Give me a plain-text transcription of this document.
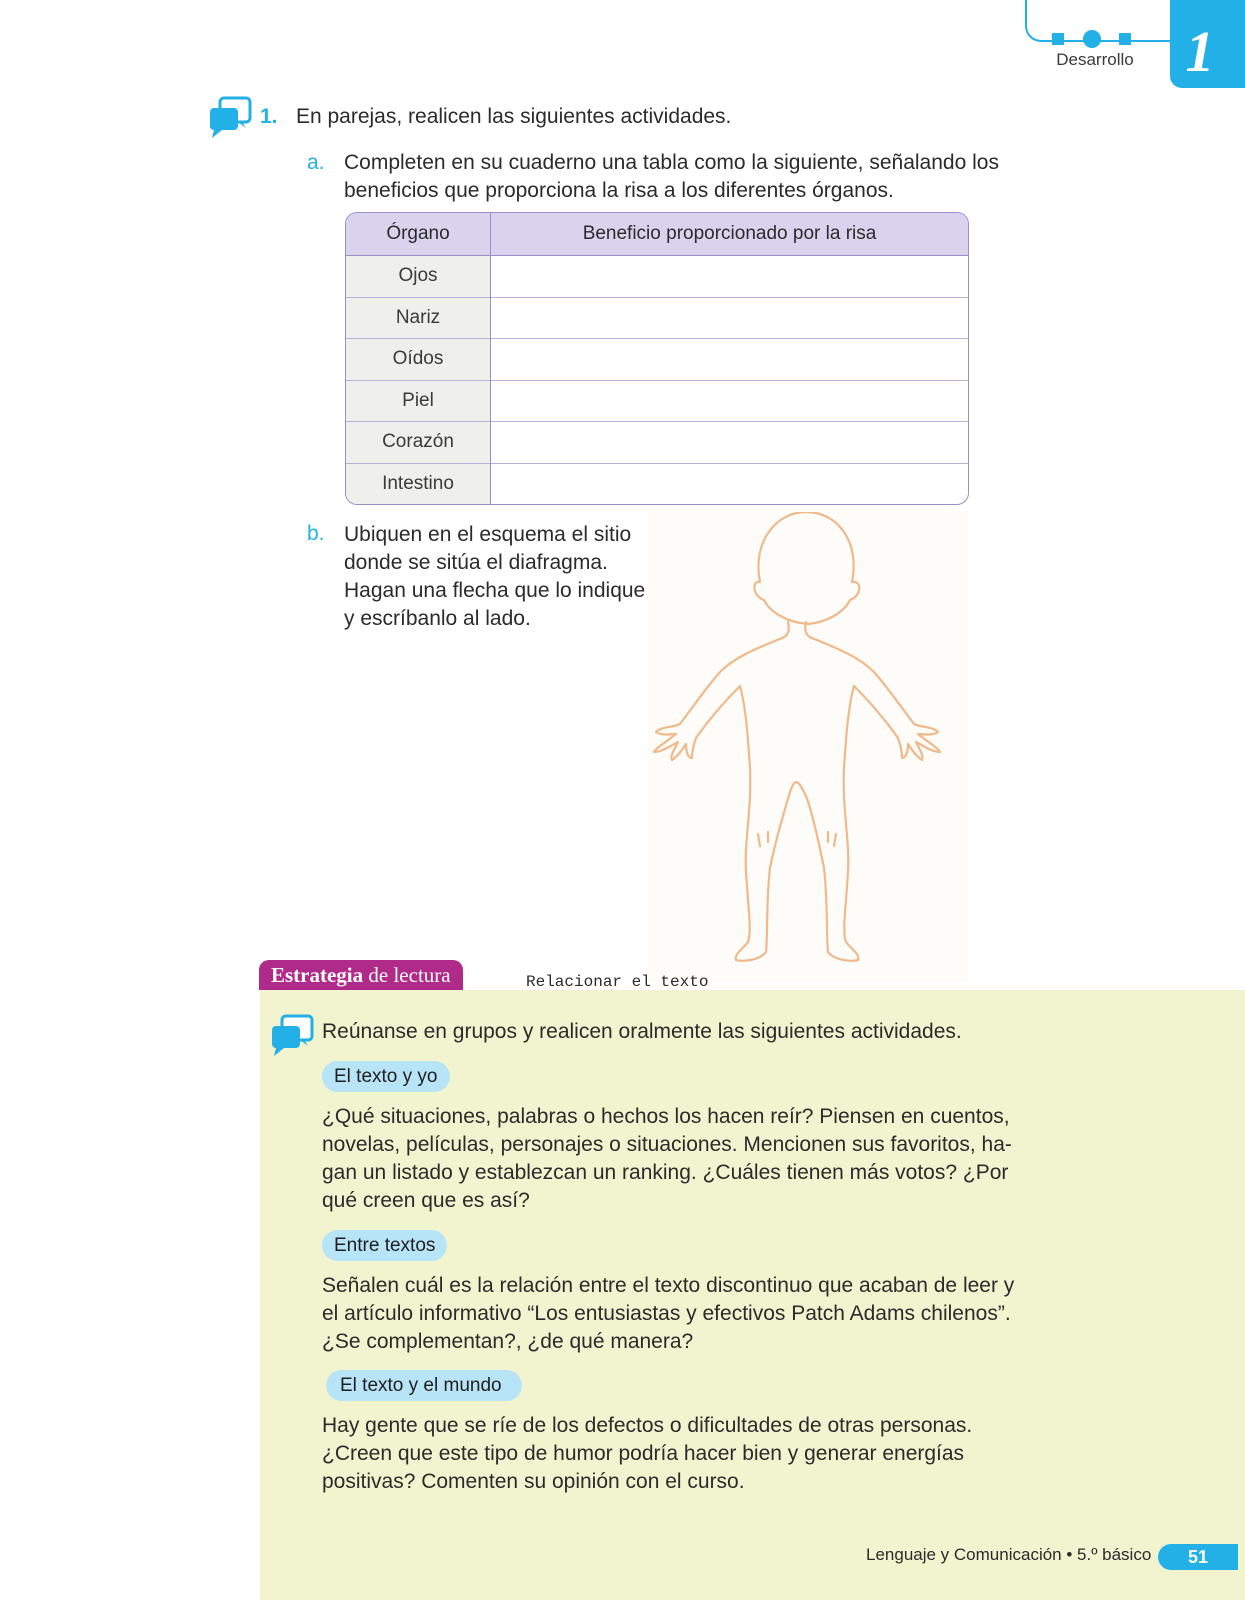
Desarrollo 1
1. En parejas, realicen las siguientes actividades.
a. Completen en su cuaderno una tabla como la siguiente, señalando los
beneficios que proporciona la risa a los diferentes órganos.
Órgano	Beneficio proporcionado por la risa
Ojos	
Nariz	
Oídos	
Piel	
Corazón	
Intestino	
b. Ubiquen en el esquema el sitio
donde se sitúa el diafragma.
Hagan una flecha que lo indique
y escríbanlo al lado.
Estrategia de lectura	Relacionar el texto
Reúnanse en grupos y realicen oralmente las siguientes actividades.
El texto y yo
¿Qué situaciones, palabras o hechos los hacen reír? Piensen en cuentos,
novelas, películas, personajes o situaciones. Mencionen sus favoritos, ha-
gan un listado y establezcan un ranking. ¿Cuáles tienen más votos? ¿Por
qué creen que es así?
Entre textos
Señalen cuál es la relación entre el texto discontinuo que acaban de leer y
el artículo informativo “Los entusiastas y efectivos Patch Adams chilenos”.
¿Se complementan?, ¿de qué manera?
El texto y el mundo
Hay gente que se ríe de los defectos o dificultades de otras personas.
¿Creen que este tipo de humor podría hacer bien y generar energías
positivas? Comenten su opinión con el curso.
Lenguaje y Comunicación • 5.º básico	51
